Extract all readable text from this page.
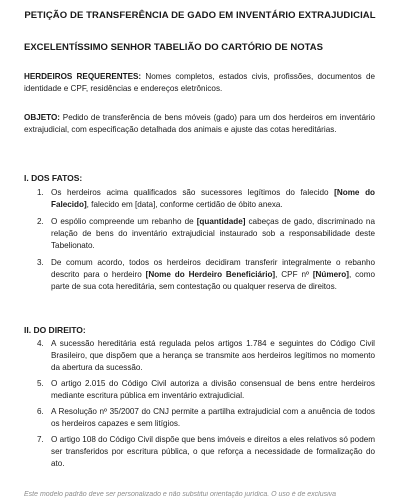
PETIÇÃO DE TRANSFERÊNCIA DE GADO EM INVENTÁRIO EXTRAJUDICIAL
EXCELENTÍSSIMO SENHOR TABELIÃO DO CARTÓRIO DE NOTAS

HERDEIROS REQUERENTES: Nomes completos, estados civis, profissões, documentos de identidade e CPF, residências e endereços eletrônicos.

OBJETO: Pedido de transferência de bens móveis (gado) para um dos herdeiros em inventário extrajudicial, com especificação detalhada dos animais e ajuste das cotas hereditárias.

I. DOS FATOS:
1. Os herdeiros acima qualificados são sucessores legítimos do falecido [Nome do Falecido], falecido em [data], conforme certidão de óbito anexa.
2. O espólio compreende um rebanho de [quantidade] cabeças de gado, discriminado na relação de bens do inventário extrajudicial instaurado sob a responsabilidade deste Tabelionato.
3. De comum acordo, todos os herdeiros decidiram transferir integralmente o rebanho descrito para o herdeiro [Nome do Herdeiro Beneficiário], CPF nº [Número], como parte de sua cota hereditária, sem contestação ou qualquer reserva de direitos.
II. DO DIREITO:
4. A sucessão hereditária está regulada pelos artigos 1.784 e seguintes do Código Civil Brasileiro, que dispõem que a herança se transmite aos herdeiros legítimos no momento da abertura da sucessão.
5. O artigo 2.015 do Código Civil autoriza a divisão consensual de bens entre herdeiros mediante escritura pública em inventário extrajudicial.
6. A Resolução nº 35/2007 do CNJ permite a partilha extrajudicial com a anuência de todos os herdeiros capazes e sem litígios.
7. O artigo 108 do Código Civil dispõe que bens imóveis e direitos a eles relativos só podem ser transferidos por escritura pública, o que reforça a necessidade de formalização do ato.
Este modelo padrão deve ser personalizado e não substitui orientação jurídica. O uso é de exclusiva
